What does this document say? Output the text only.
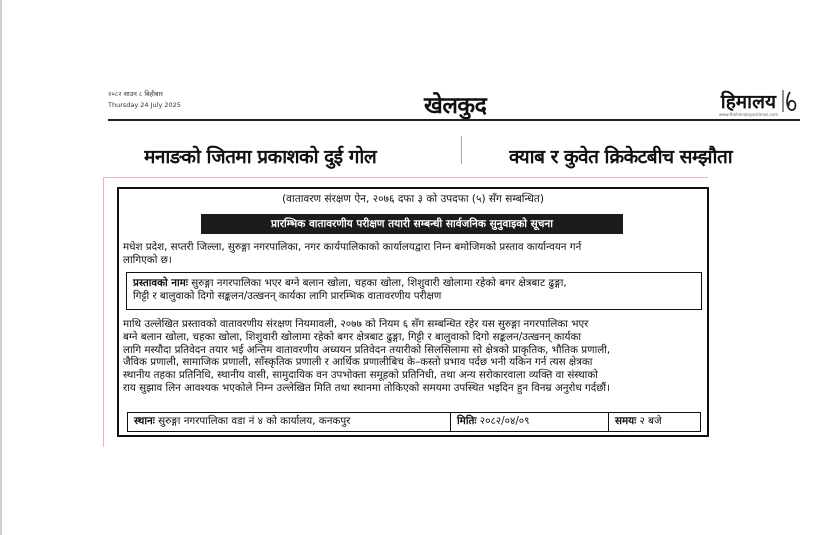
२०८२ साउन ८ बिहीबार
Thursday 24 July 2025	खेलकुद	हिमालय
www.thehimalayantimes.com
मनाङको जितमा प्रकाशको दुई गोल	क्याब र कुवेत क्रिकेटबीच सम्झौता
(वातावरण संरक्षण ऐन, २०७६ दफा ३ को उपदफा (५) सँग सम्बन्धित)
प्रारम्भिक वातावरणीय परीक्षण तयारी सम्बन्धी सार्वजनिक सुनुवाइको सूचना

मधेश प्रदेश, सप्तरी जिल्ला, सुरुङ्गा नगरपालिका, नगर कार्यपालिकाको कार्यालयद्वारा निम्न बमोजिमको प्रस्ताव कार्यान्वयन गर्न
लागिएको छ।

प्रस्तावको नामः सुरुङ्गा नगरपालिका भएर बग्ने बलान खोला, चहका खोला, शिशुवारी खोलामा रहेको बगर क्षेत्रबाट ढुङ्गा,
गिट्टी र बालुवाको दिगो सङ्कलन/उत्खनन् कार्यका लागि प्रारम्भिक वातावरणीय परीक्षण

माथि उल्लेखित प्रस्तावको वातावरणीय संरक्षण नियमावली, २०७७ को नियम ६ सँग सम्बन्धित रहेर यस सुरुङ्गा नगरपालिका भएर
बग्ने बलान खोला, चहका खोला, शिशुवारी खोलामा रहेको बगर क्षेत्रबाट ढुङ्गा, गिट्टी र बालुवाको दिगो सङ्कलन/उत्खनन् कार्यका
लागि मस्यौदा प्रतिवेदन तयार भई अन्तिम वातावरणीय अध्ययन प्रतिवेदन तयारीको सिलसिलामा सो क्षेत्रको प्राकृतिक, भौतिक प्रणाली,
जैविक प्रणाली, सामाजिक प्रणाली, साँस्कृतिक प्रणाली र आर्थिक प्रणालीबिच के–कस्तो प्रभाव पर्दछ भनी यकिन गर्न त्यस क्षेत्रका
स्थानीय तहका प्रतिनिधि, स्थानीय वासी, सामुदायिक वन उपभोक्ता समूहको प्रतिनिधी, तथा अन्य सरोकारवाला व्यक्ति वा संस्थाको
राय सुझाव लिन आवश्यक भएकोले निम्न उल्लेखित मिति तथा स्थानमा तोकिएको समयमा उपस्थित भइदिन हुन विनम्र अनुरोध गर्दछौं।

स्थानः सुरुङ्गा नगरपालिका वडा नं ४ को कार्यालय, कनकपुर	मितिः २०८२/०४/०९	समयः २ बजे
